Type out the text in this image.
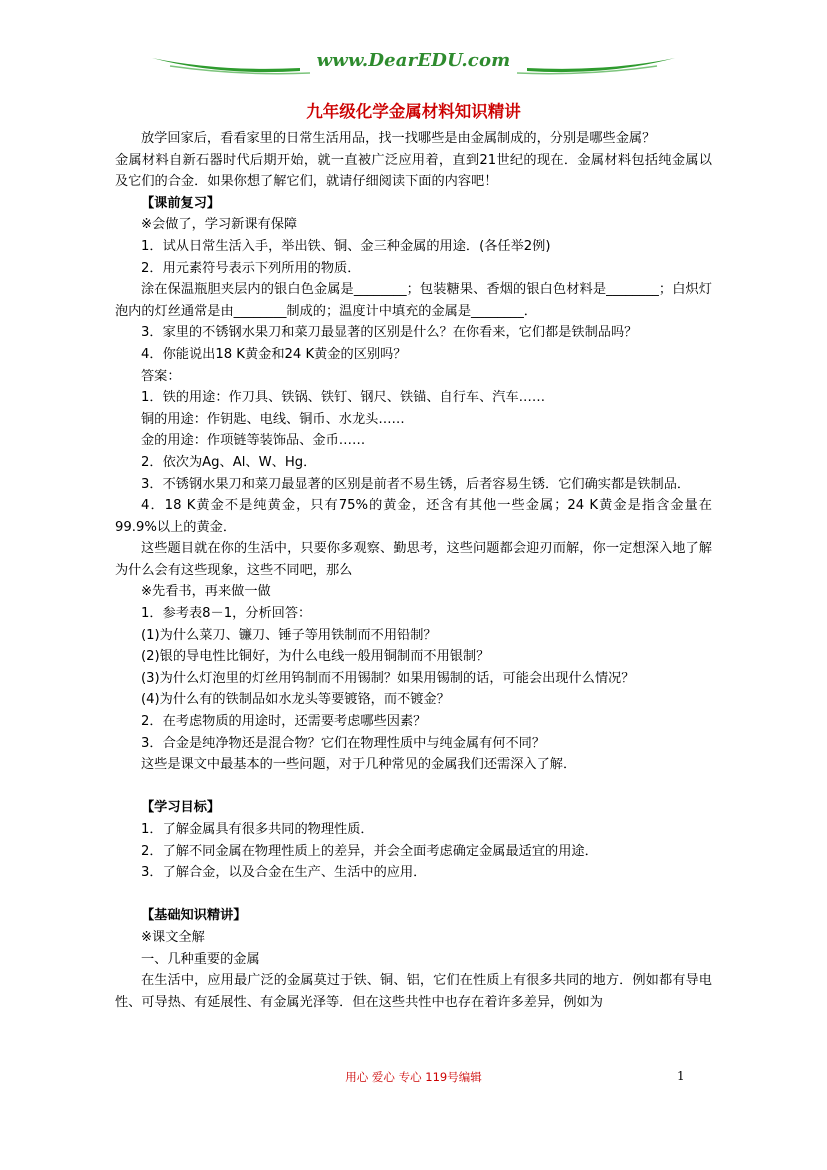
www.DearEDU.com
九年级化学金属材料知识精讲

放学回家后，看看家里的日常生活用品，找一找哪些是由金属制成的，分别是哪些金属？

金属材料自新石器时代后期开始，就一直被广泛应用着，直到21世纪的现在．金属材料包括纯金属以及它们的合金．如果你想了解它们，就请仔细阅读下面的内容吧！

【课前复习】

※会做了，学习新课有保障

1．试从日常生活入手，举出铁、铜、金三种金属的用途．(各任举2例)

2．用元素符号表示下列所用的物质．

涂在保温瓶胆夹层内的银白色金属是________；包装糖果、香烟的银白色材料是________；白炽灯泡内的灯丝通常是由________制成的；温度计中填充的金属是________．

3．家里的不锈钢水果刀和菜刀最显著的区别是什么？在你看来，它们都是铁制品吗？

4．你能说出18 K黄金和24 K黄金的区别吗？

答案：

1．铁的用途：作刀具、铁锅、铁钉、钢尺、铁锚、自行车、汽车……

铜的用途：作钥匙、电线、铜币、水龙头……

金的用途：作项链等装饰品、金币……

2．依次为Ag、Al、W、Hg．

3．不锈钢水果刀和菜刀最显著的区别是前者不易生锈，后者容易生锈．它们确实都是铁制品．

4．18 K黄金不是纯黄金，只有75%的黄金，还含有其他一些金属；24 K黄金是指含金量在99.9%以上的黄金．

这些题目就在你的生活中，只要你多观察、勤思考，这些问题都会迎刃而解，你一定想深入地了解为什么会有这些现象，这些不同吧，那么

※先看书，再来做一做

1．参考表8－1，分析回答：

(1)为什么菜刀、镰刀、锤子等用铁制而不用铅制？

(2)银的导电性比铜好，为什么电线一般用铜制而不用银制？

(3)为什么灯泡里的灯丝用钨制而不用锡制？如果用锡制的话，可能会出现什么情况？

(4)为什么有的铁制品如水龙头等要镀铬，而不镀金？

2．在考虑物质的用途时，还需要考虑哪些因素？

3．合金是纯净物还是混合物？它们在物理性质中与纯金属有何不同？

这些是课文中最基本的一些问题，对于几种常见的金属我们还需深入了解．

【学习目标】

1．了解金属具有很多共同的物理性质．

2．了解不同金属在物理性质上的差异，并会全面考虑确定金属最适宜的用途．

3．了解合金，以及合金在生产、生活中的应用．

【基础知识精讲】

※课文全解

一、几种重要的金属

在生活中，应用最广泛的金属莫过于铁、铜、铝，它们在性质上有很多共同的地方．例如都有导电性、可导热、有延展性、有金属光泽等．但在这些共性中也存在着许多差异，例如为

用心 爱心 专心 119号编辑	1
